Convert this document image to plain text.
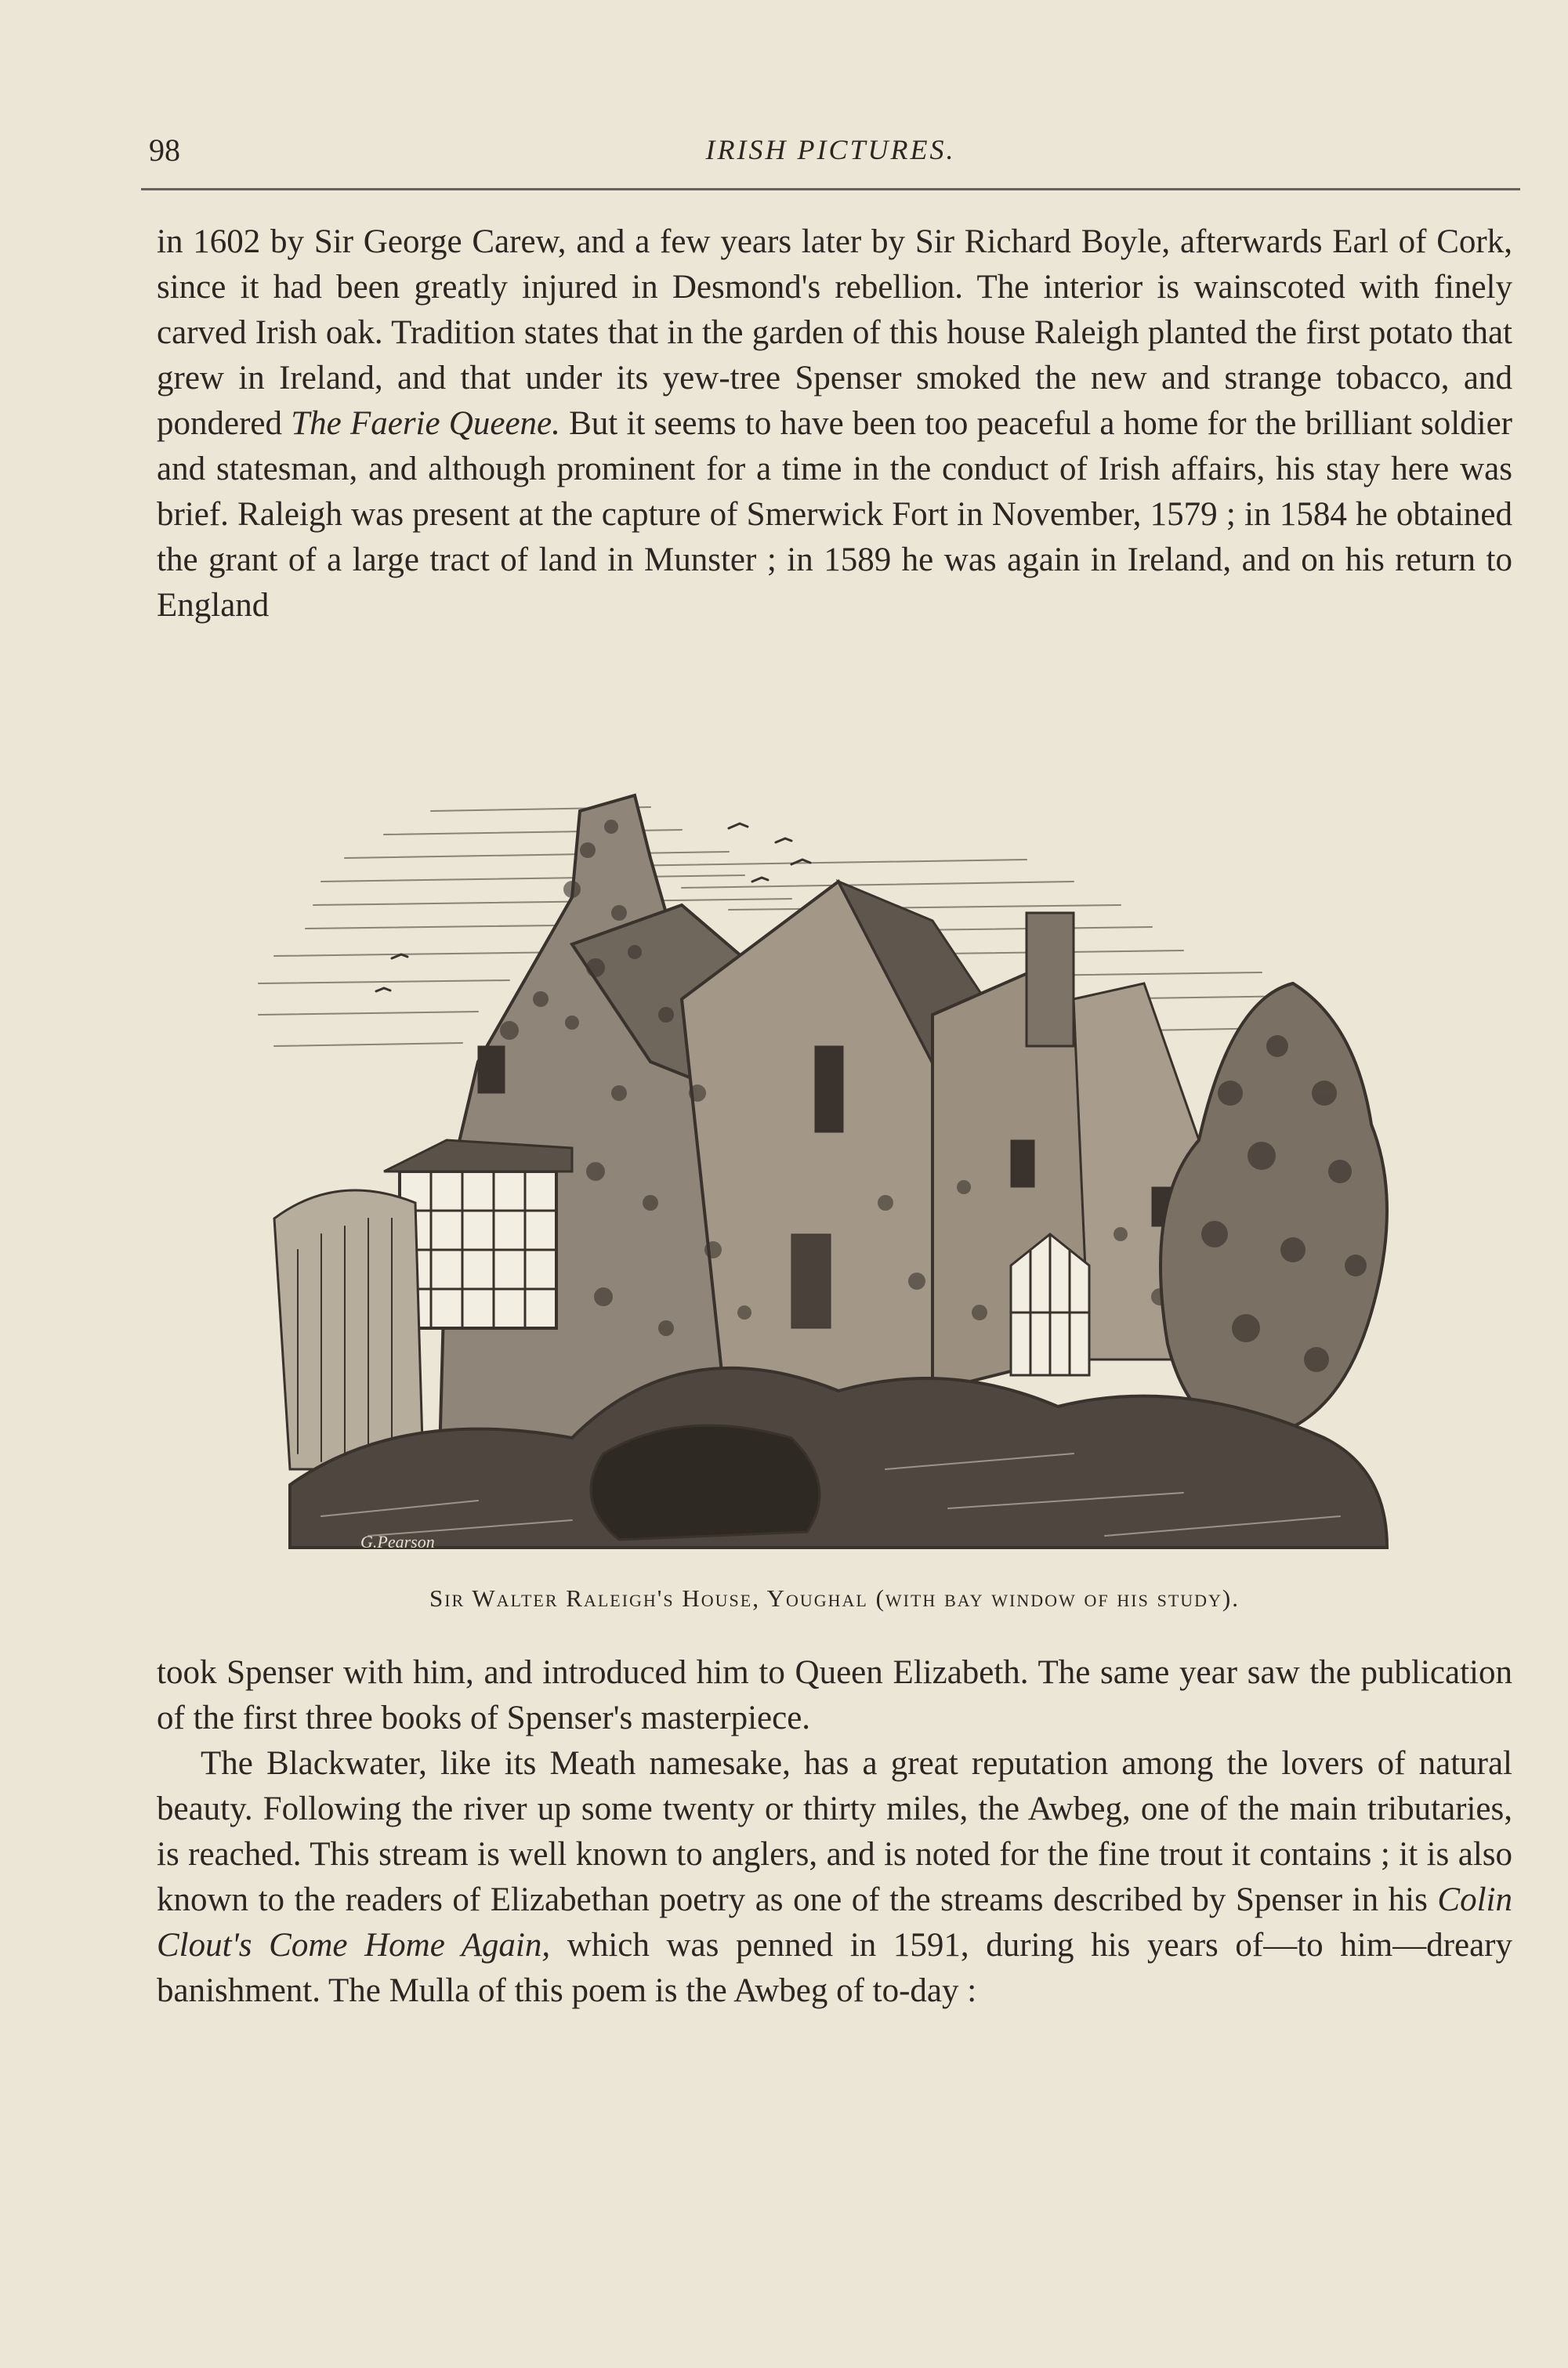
98	IRISH PICTURES.

in 1602 by Sir George Carew, and a few years later by Sir Richard Boyle, afterwards Earl of Cork, since it had been greatly injured in Desmond's rebellion. The interior is wainscoted with finely carved Irish oak. Tradition states that in the garden of this house Raleigh planted the first potato that grew in Ireland, and that under its yew-tree Spenser smoked the new and strange tobacco, and pondered The Faerie Queene. But it seems to have been too peaceful a home for the brilliant soldier and statesman, and although prominent for a time in the conduct of Irish affairs, his stay here was brief. Raleigh was present at the capture of Smerwick Fort in November, 1579 ; in 1584 he obtained the grant of a large tract of land in Munster ; in 1589 he was again in Ireland, and on his return to England

G.Pearson
Sir Walter Raleigh's House, Youghal (with bay window of his study).

took Spenser with him, and introduced him to Queen Elizabeth. The same year saw the publication of the first three books of Spenser's masterpiece.

The Blackwater, like its Meath namesake, has a great reputation among the lovers of natural beauty. Following the river up some twenty or thirty miles, the Awbeg, one of the main tributaries, is reached. This stream is well known to anglers, and is noted for the fine trout it contains ; it is also known to the readers of Elizabethan poetry as one of the streams described by Spenser in his Colin Clout's Come Home Again, which was penned in 1591, during his years of—to him—dreary banishment. The Mulla of this poem is the Awbeg of to-day :
